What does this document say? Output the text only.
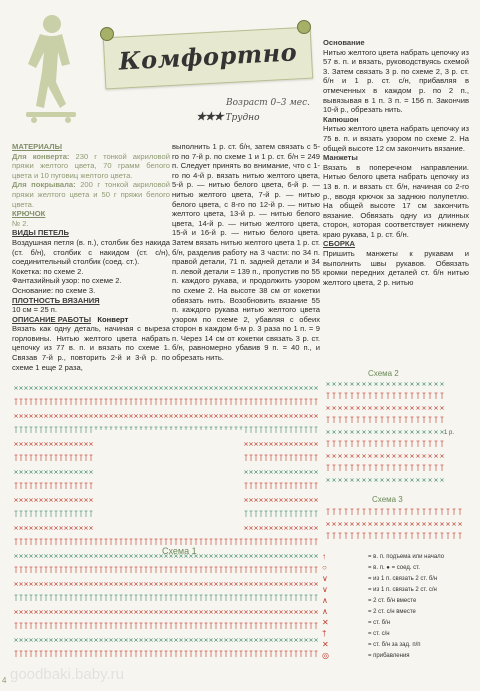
Комфортно
Возраст 0–3 мес.
★★★ Трудно

МАТЕРИАЛЫ

Для конверта: 230 г тонкой акриловой пряжи желтого цвета, 70 грамм белого цвета и 10 пуговиц желтого цвета.

Для покрывала: 200 г тонкой акриловой пряжи желтого цвета и 50 г пряжи белого цвета.

КРЮЧОК

№ 2.

ВИДЫ ПЕТЕЛЬ

Воздушная петля (в. п.), столбик без накида (ст. б/н), столбик с накидом (ст. с/н), соединительный столбик (соед. ст.).

Кокетка: по схеме 2.

Фантазийный узор: по схеме 2.

Основание: по схеме 3.

ПЛОТНОСТЬ ВЯЗАНИЯ

10 см = 25 п.

ОПИСАНИЕ РАБОТЫ Конверт

Вязать как одну деталь, начиная с вырезa горловины. Нитью желтого цвета набрать цепочку из 77 в. п. и вязать по схеме 1. Связав 7-й р., повторить 2-й и 3-й р. по схеме 1 еще 2 раза,

выполнить 1 р. ст. б/н, затем связать с 5-го по 7-й р. по схеме 1 и 1 р. ст. б/н = 249 п. Следует принять во внимание, что с 1-го по 4-й р. вязать нитью желтого цвета, 5-й р. — нитью белого цвета, 6-й р. — нитью желтого цвета, 7-й р. — нитью белого цвета, с 8-го по 12-й р. — нитью желтого цвета, 13-й р. — нитью белого цвета, 14-й р. — нитью желтого цвета, 15-й и 16-й р. — нитью белого цвета. Затем вязать нитью желтого цвета 1 р. ст. б/н, разделив работу на 3 части: по 34 п. правой детали, 71 п. задней детали и 34 п. левой детали = 139 п., пропустив по 55 п. каждого рукава, и продолжить узором по схеме 2. На высоте 38 см от кокетки обвязать нить. Возобновить вязание 55 п. каждого рукава нитью желтого цвета узором по схеме 2, убавляя с обеих сторон в каждом 6-м р. 3 раза по 1 п. = 9 п. Через 14 см от кокетки связать 3 р. ст. б/н, равномерно убавив 9 п. = 40 п., и обрезать нить.

Основание

Нитью желтого цвета набрать цепочку из 57 в. п. и вязать, руководствуясь схемой 3. Затем связать 3 р. по схеме 2, 3 р. ст. б/н и 1 р. ст. с/н, прибавляя в отмеченных в каждом р. по 2 п., вывязывая в 1 п. 3 п. = 156 п. Закончив 10-й р., обрезать нить.

Капюшон

Нитью желтого цвета набрать цепочку из 75 в. п. и вязать узором по схеме 2. На общей высоте 12 см закончить вязание.

Манжеты

Вязать в поперечном направлении. Нитью белого цвета набрать цепочку из 13 в. п. и вязать ст. б/н, начиная со 2-го р., вводя крючок за заднюю полупетлю. На общей высоте 17 см закончить вязание. Обвязать одну из длинных сторон, которая соответствует нижнему краю рукава, 1 р. ст. б/н.

СБОРКА

Пришить манжеты к рукавам и выполнить швы рукавов. Обвязать кромки передних деталей ст. б/н нитью желтого цвета, 2 р. нитью

Схема 1
Схема 2
1 р.
Схема 3
↑	= в. п. подъема или начало
○	= в. п. ● = соед. ст.
∨	= из 1 п. связать 2 ст. б/н
∨	= из 1 п. связать 2 ст. с/н
∧	= 2 ст. б/н вместе
∧	= 2 ст. с/н вместе
✕	= ст. б/н
†	= ст. с/н
✕	= ст. б/н за зад. п/п
◎	= прибавления
4 goodbaki.baby.ru
